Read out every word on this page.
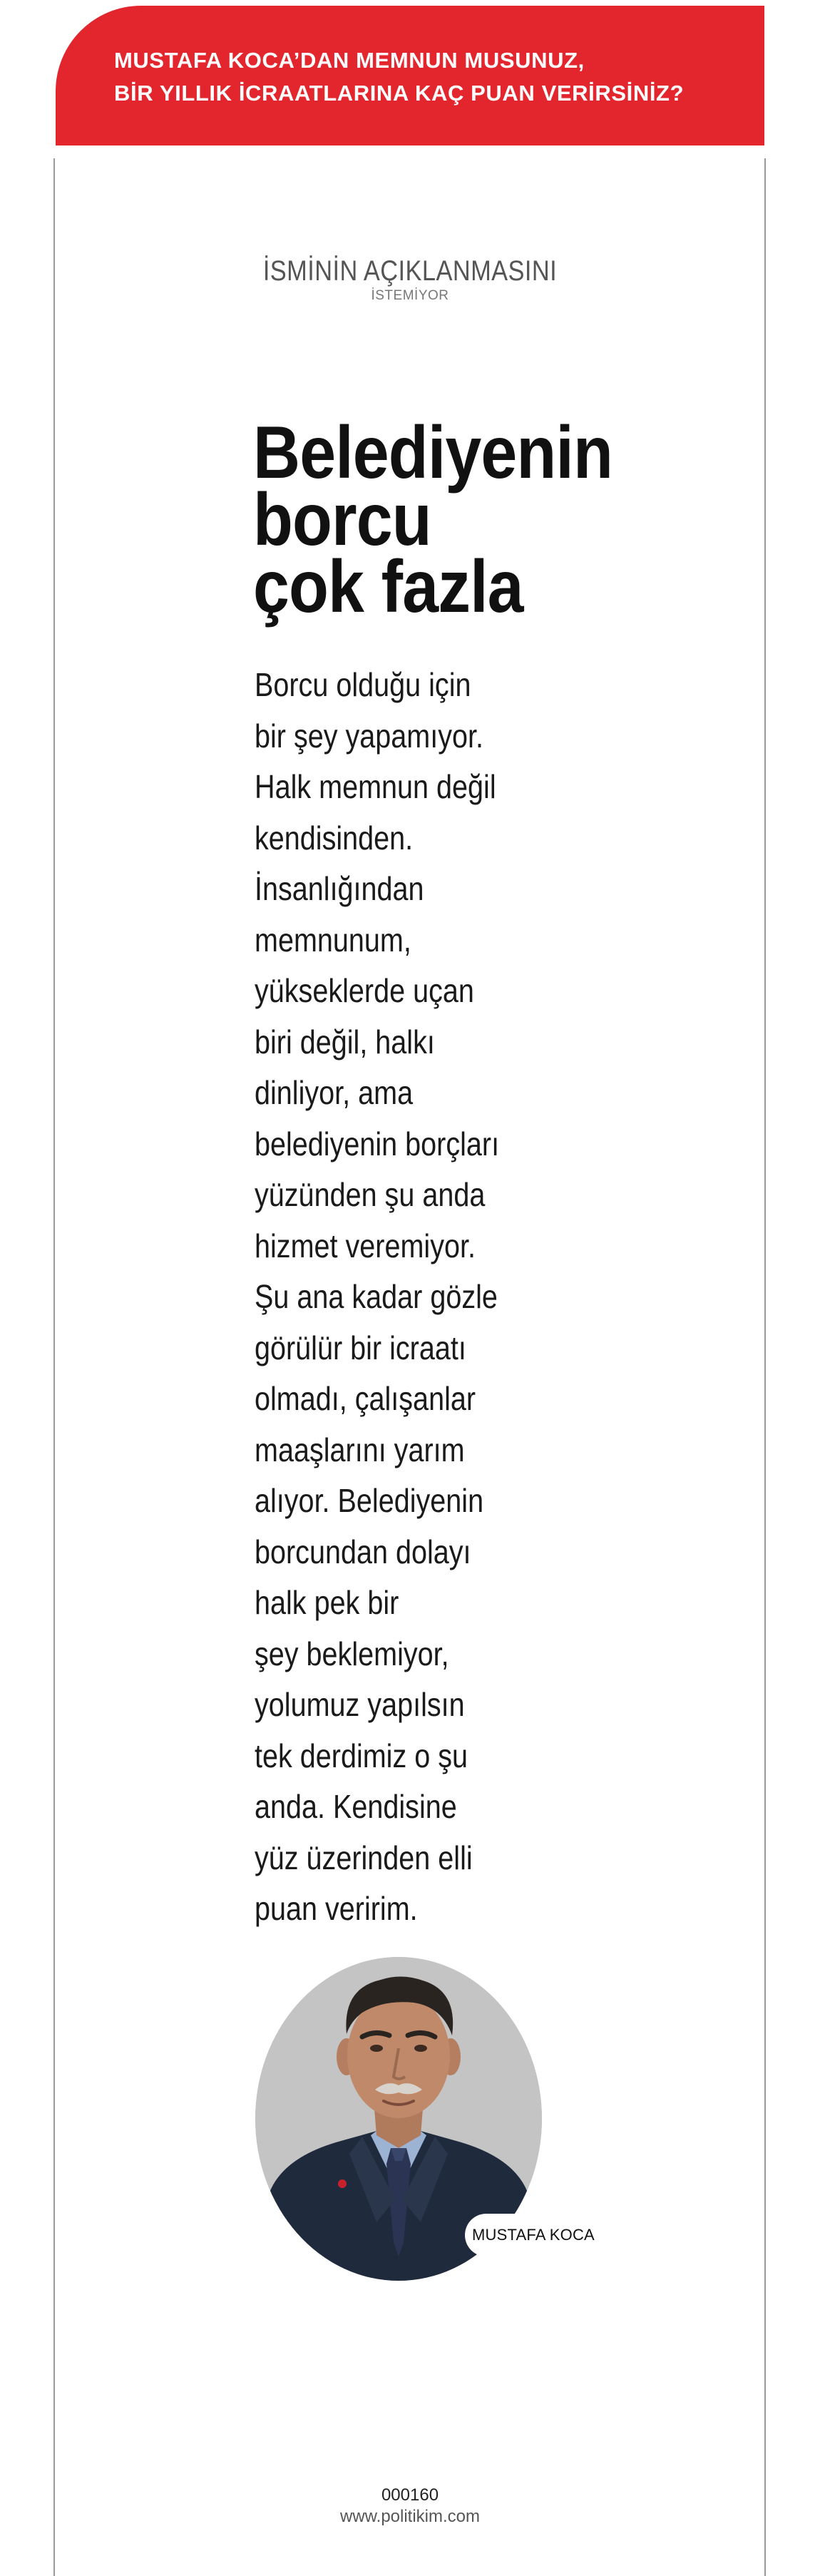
MUSTAFA KOCA’DAN MEMNUN MUSUNUZ,
BİR YILLIK İCRAATLARINA KAÇ PUAN VERİRSİNİZ?
İSMİNİN AÇIKLANMASINI
İSTEMİYOR
Belediyenin
borcu
çok fazla
Borcu olduğu için
bir şey yapamıyor.
Halk memnun değil
kendisinden.
İnsanlığından
memnunum,
yükseklerde uçan
biri değil, halkı
dinliyor, ama
belediyenin borçları
yüzünden şu anda
hizmet veremiyor.
Şu ana kadar gözle
görülür bir icraatı
olmadı, çalışanlar
maaşlarını yarım
alıyor. Belediyenin
borcundan dolayı
halk pek bir
şey beklemiyor,
yolumuz yapılsın
tek derdimiz o şu
anda. Kendisine
yüz üzerinden elli
puan veririm.
MUSTAFA KOCA
000160
www.politikim.com
